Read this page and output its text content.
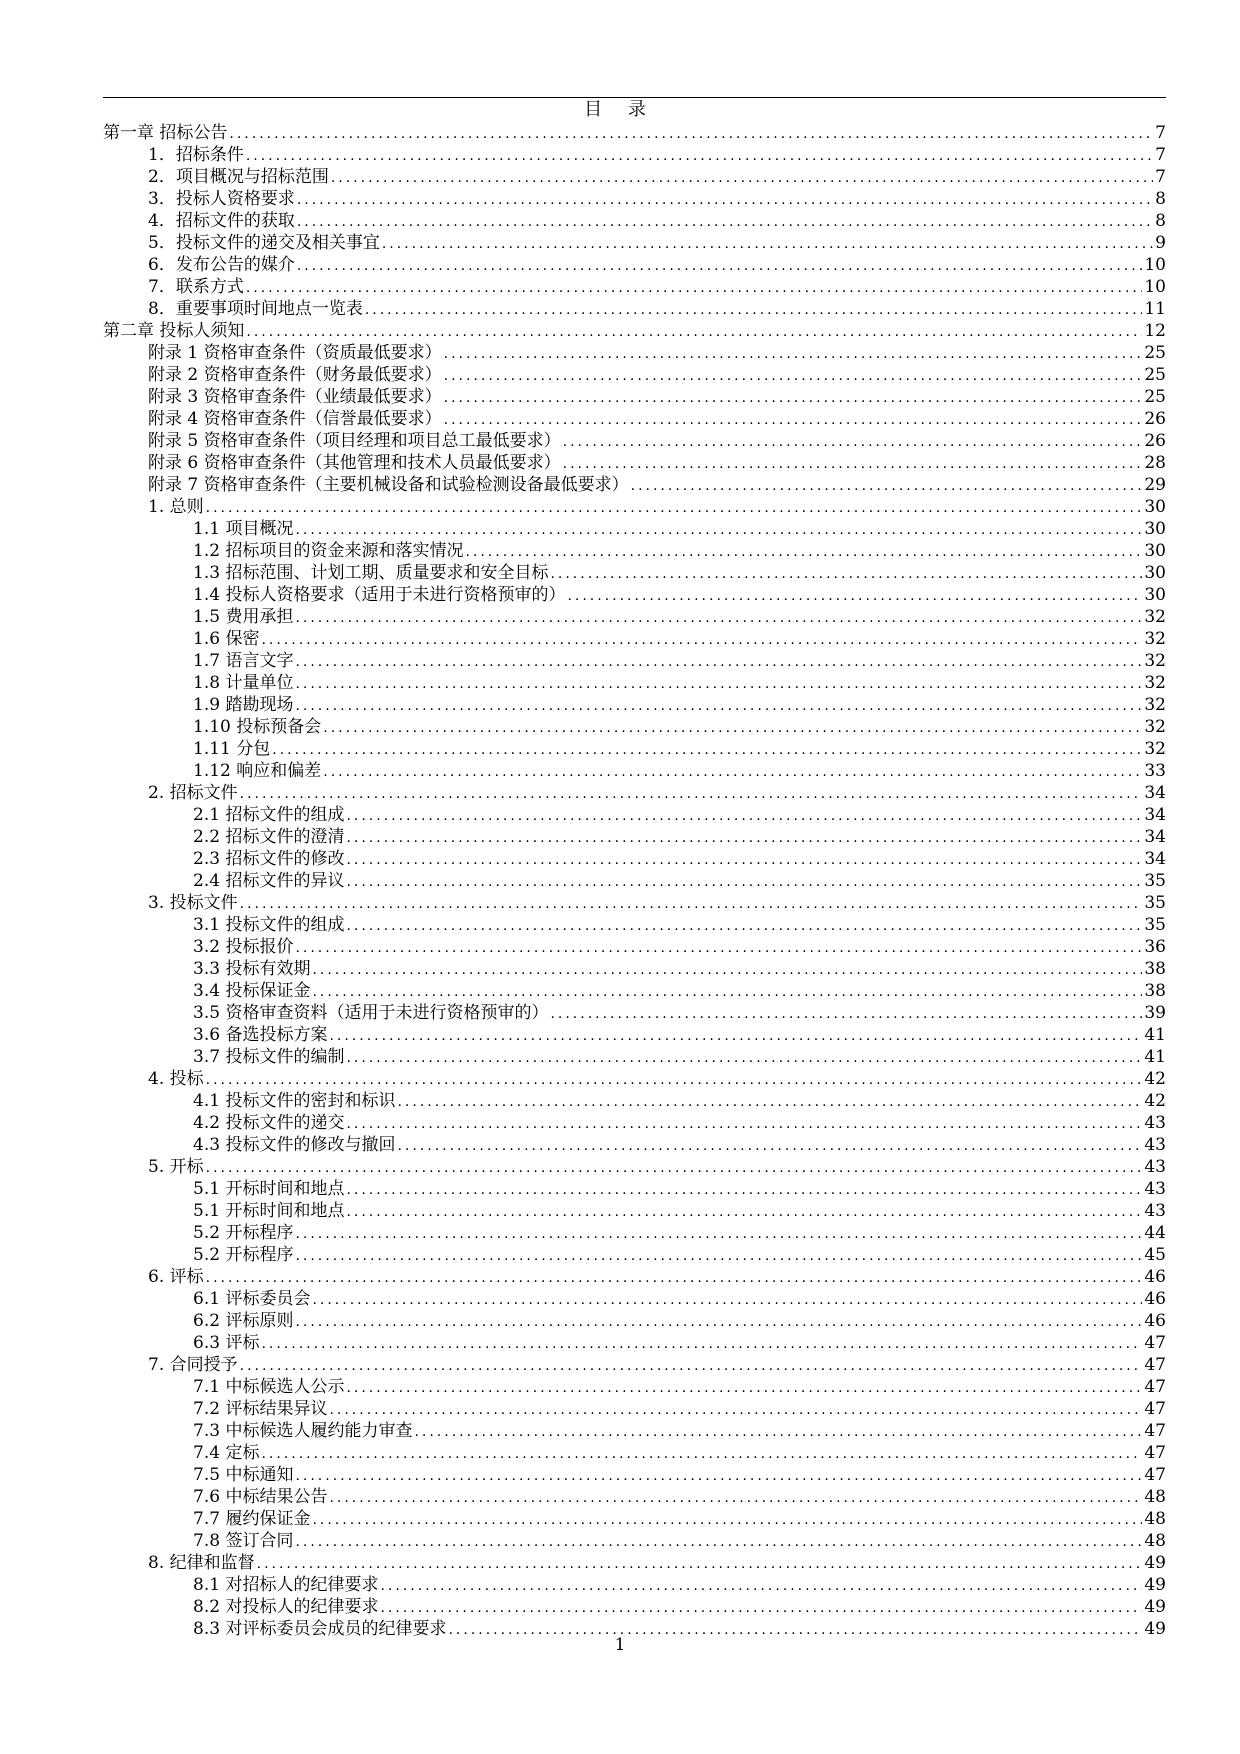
目 录
第一章 招标公告 .....	7
1．招标条件 .....	7
2．项目概况与招标范围 .....	7
3．投标人资格要求 .....	8
4．招标文件的获取 .....	8
5．投标文件的递交及相关事宜 .....	9
6．发布公告的媒介 .....	10
7．联系方式 .....	10
8．重要事项时间地点一览表 .....	11
第二章 投标人须知 .....	12
附录 1 资格审查条件（资质最低要求） .....	25
附录 2 资格审查条件（财务最低要求） .....	25
附录 3 资格审查条件（业绩最低要求） .....	25
附录 4 资格审查条件（信誉最低要求） .....	26
附录 5 资格审查条件（项目经理和项目总工最低要求） .....	26
附录 6 资格审查条件（其他管理和技术人员最低要求） .....	28
附录 7 资格审查条件（主要机械设备和试验检测设备最低要求） .....	29
1. 总则 .....	30
1.1 项目概况 .....	30
1.2 招标项目的资金来源和落实情况 .....	30
1.3 招标范围、计划工期、质量要求和安全目标 .....	30
1.4 投标人资格要求（适用于未进行资格预审的） .....	30
1.5 费用承担 .....	32
1.6 保密 .....	32
1.7 语言文字 .....	32
1.8 计量单位 .....	32
1.9 踏勘现场 .....	32
1.10 投标预备会 .....	32
1.11 分包 .....	32
1.12 响应和偏差 .....	33
2. 招标文件 .....	34
2.1 招标文件的组成 .....	34
2.2 招标文件的澄清 .....	34
2.3 招标文件的修改 .....	34
2.4 招标文件的异议 .....	35
3. 投标文件 .....	35
3.1 投标文件的组成 .....	35
3.2 投标报价 .....	36
3.3 投标有效期 .....	38
3.4 投标保证金 .....	38
3.5 资格审查资料（适用于未进行资格预审的） .....	39
3.6 备选投标方案 .....	41
3.7 投标文件的编制 .....	41
4. 投标 .....	42
4.1 投标文件的密封和标识 .....	42
4.2 投标文件的递交 .....	43
4.3 投标文件的修改与撤回 .....	43
5. 开标 .....	43
5.1 开标时间和地点 .....	43
5.1 开标时间和地点 .....	43
5.2 开标程序 .....	44
5.2 开标程序 .....	45
6. 评标 .....	46
6.1 评标委员会 .....	46
6.2 评标原则 .....	46
6.3 评标 .....	47
7. 合同授予 .....	47
7.1 中标候选人公示 .....	47
7.2 评标结果异议 .....	47
7.3 中标候选人履约能力审查 .....	47
7.4 定标 .....	47
7.5 中标通知 .....	47
7.6 中标结果公告 .....	48
7.7 履约保证金 .....	48
7.8 签订合同 .....	48
8. 纪律和监督 .....	49
8.1 对招标人的纪律要求 .....	49
8.2 对投标人的纪律要求 .....	49
8.3 对评标委员会成员的纪律要求 .....	49
1
